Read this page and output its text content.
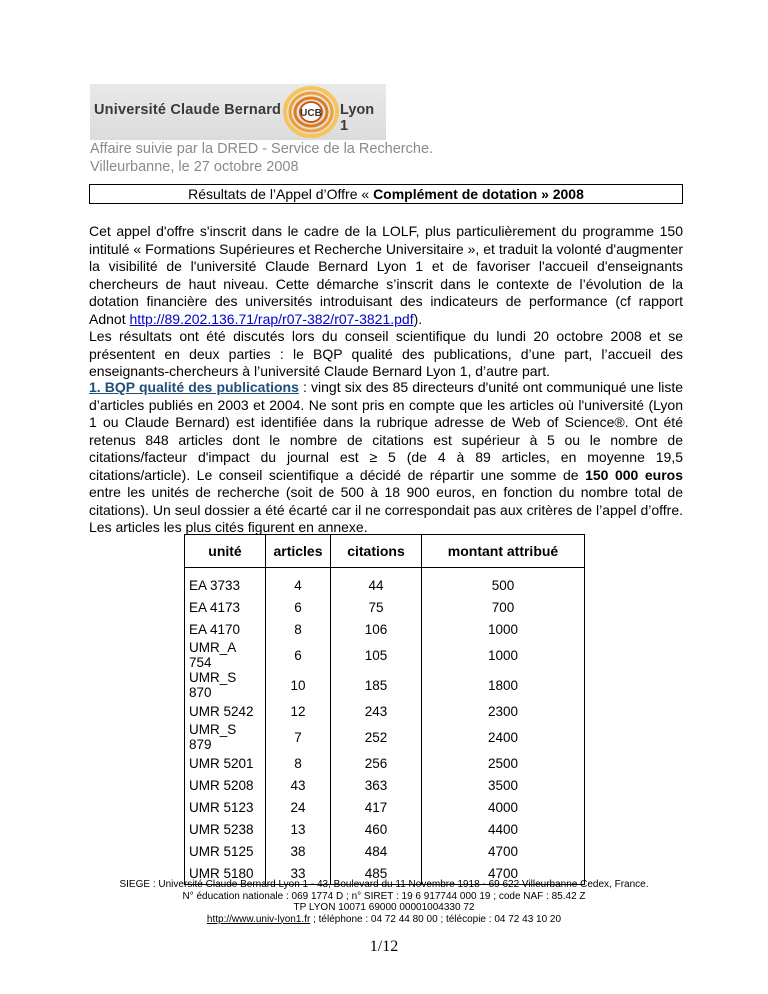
Université Claude Bernard UCB Lyon 1
Affaire suivie par la DRED - Service de la Recherche.
Villeurbanne, le 27 octobre 2008
Résultats de l’Appel d’Offre « Complément de dotation » 2008
Cet appel d'offre s'inscrit dans le cadre de la LOLF, plus particulièrement du programme 150 intitulé « Formations Supérieures et Recherche Universitaire », et traduit la volonté d'augmenter la visibilité de l'université Claude Bernard Lyon 1 et de favoriser l'accueil d'enseignants chercheurs de haut niveau. Cette démarche s’inscrit dans le contexte de l’évolution de la dotation financière des universités introduisant des indicateurs de performance (cf rapport Adnot http://89.202.136.71/rap/r07-382/r07-3821.pdf).
Les résultats ont été discutés lors du conseil scientifique du lundi 20 octobre 2008 et se présentent en deux parties : le BQP qualité des publications, d’une part, l’accueil des enseignants-chercheurs à l’université Claude Bernard Lyon 1, d’autre part.
1. BQP qualité des publications : vingt six des 85 directeurs d'unité ont communiqué une liste d’articles publiés en 2003 et 2004. Ne sont pris en compte que les articles où l'université (Lyon 1 ou Claude Bernard) est identifiée dans la rubrique adresse de Web of Science®. Ont été retenus 848 articles dont le nombre de citations est supérieur à 5 ou le nombre de citations/facteur d'impact du journal est ≥ 5 (de 4 à 89 articles, en moyenne 19,5 citations/article). Le conseil scientifique a décidé de répartir une somme de 150 000 euros entre les unités de recherche (soit de 500 à 18 900 euros, en fonction du nombre total de citations). Un seul dossier a été écarté car il ne correspondait pas aux critères de l’appel d’offre. Les articles les plus cités figurent en annexe.
unité	articles	citations	montant attribué
EA 3733	4	44	500
EA 4173	6	75	700
EA 4170	8	106	1000
UMR_A 754	6	105	1000
UMR_S 870	10	185	1800
UMR 5242	12	243	2300
UMR_S 879	7	252	2400
UMR 5201	8	256	2500
UMR 5208	43	363	3500
UMR 5123	24	417	4000
UMR 5238	13	460	4400
UMR 5125	38	484	4700
UMR 5180	33	485	4700
SIEGE : Université Claude Bernard Lyon 1 - 43, Boulevard du 11 Novembre 1918 - 69 622 Villeurbanne Cedex, France.
N° éducation nationale : 069 1774 D ; n° SIRET : 19 6 917744 000 19 ; code NAF : 85.42 Z
TP LYON 10071 69000 00001004330 72
http://www.univ-lyon1.fr ; téléphone : 04 72 44 80 00 ; télécopie : 04 72 43 10 20
1/12
